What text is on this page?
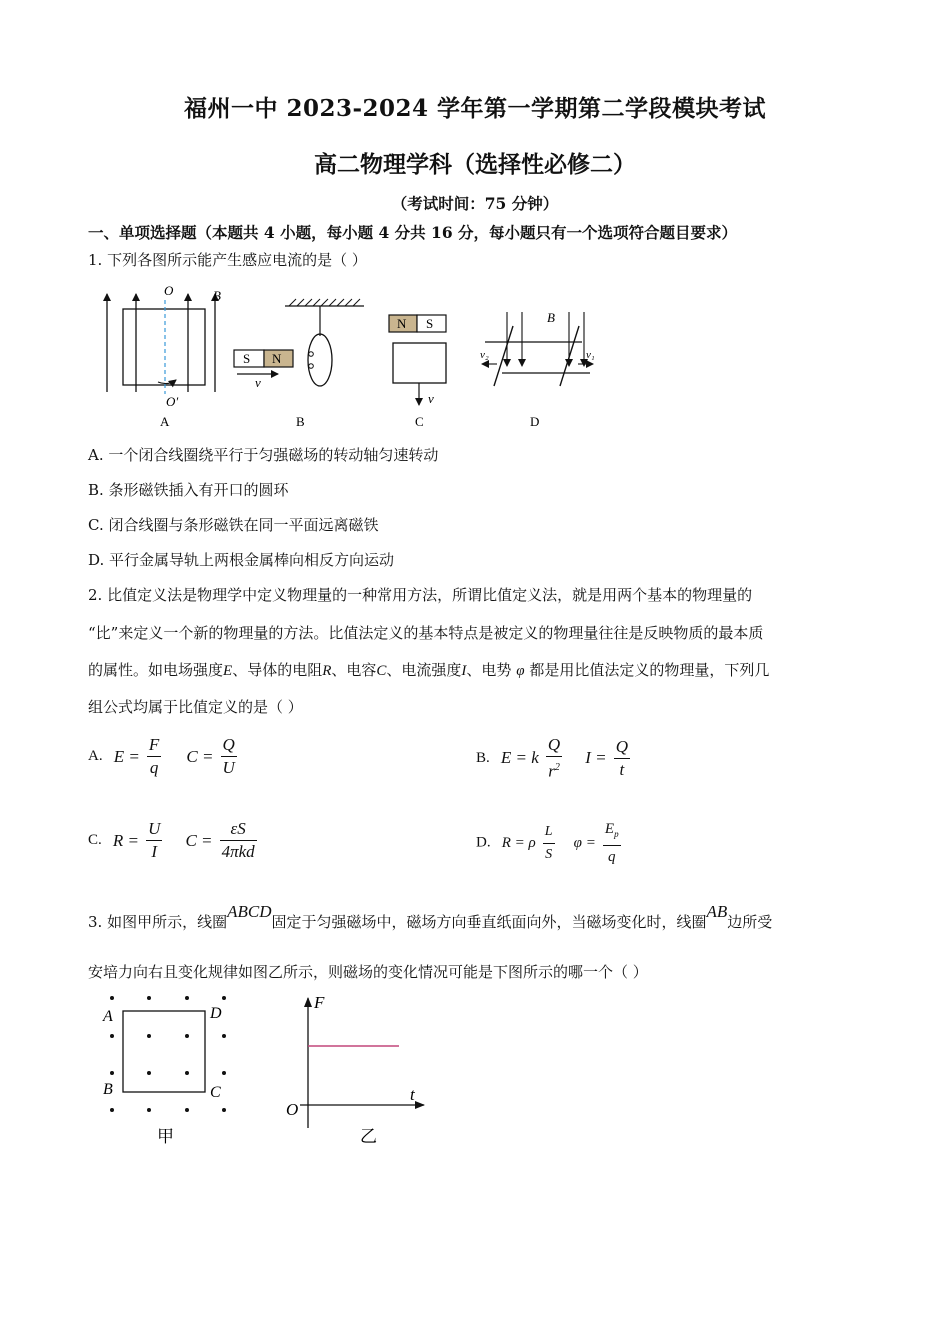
福州一中 2023-2024 学年第一学期第二学段模块考试
高二物理学科（选择性必修二）
（考试时间：75 分钟）
一、单项选择题（本题共 4 小题，每小题 4 分共 16 分，每小题只有一个选项符合题目要求）
1. 下列各图所示能产生感应电流的是（ ）
O
O′
B
A
S N
v
B
N S
v
C
B
v₂	v₁
D
A. 一个闭合线圈绕平行于匀强磁场的转动轴匀速转动
B. 条形磁铁插入有开口的圆环
C. 闭合线圈与条形磁铁在同一平面远离磁铁
D. 平行金属导轨上两根金属棒向相反方向运动
2. 比值定义法是物理学中定义物理量的一种常用方法，所谓比值定义法，就是用两个基本的物理量的
“比”来定义一个新的物理量的方法。比值法定义的基本特点是被定义的物理量往往是反映物质的最本质
的属性。如电场强度E、导体的电阻R、电容C、电流强度I、电势 φ 都是用比值法定义的物理量，下列几
组公式均属于比值定义的是（ ）
A. $E = \frac{F}{q}$ $C = \frac{Q}{U}$	B. E = k $\frac{Q}{r^2}$ $I = \frac{Q}{t}$
C. $R = \frac{U}{I}$ $C = \frac{\varepsilon S}{\text{4πkd}}$	D. R = ρ $\frac{L}{S}$ $\varphi = \frac{E_p}{q}$
3. 如图甲所示，线圈ABCD固定于匀强磁场中，磁场方向垂直纸面向外，当磁场变化时，线圈AB边所受
安培力向右且变化规律如图乙所示，则磁场的变化情况可能是下图所示的哪一个（ ）
A	D
B	C
甲
F
t
O
乙
